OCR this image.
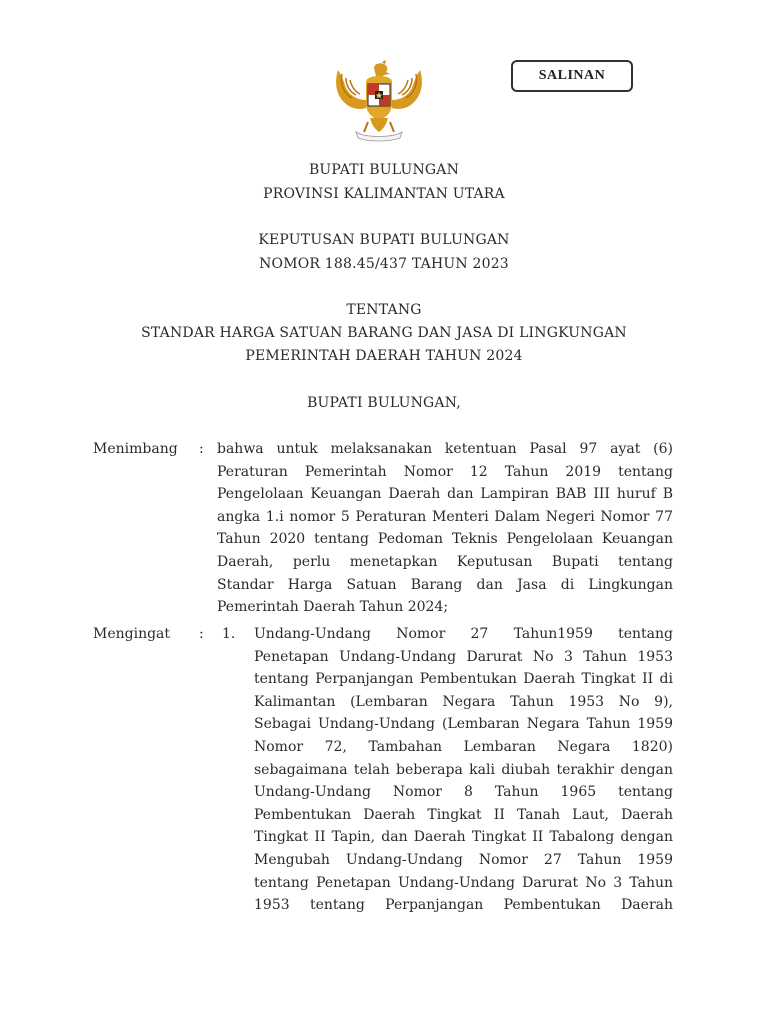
SALINAN
BUPATI BULUNGAN
PROVINSI KALIMANTAN UTARA
KEPUTUSAN BUPATI BULUNGAN
NOMOR 188.45/437 TAHUN 2023
TENTANG
STANDAR HARGA SATUAN BARANG DAN JASA DI LINGKUNGAN
PEMERINTAH DAERAH TAHUN 2024
BUPATI BULUNGAN,
Menimbang : bahwa untuk melaksanakan ketentuan Pasal 97 ayat (6)
Peraturan Pemerintah Nomor 12 Tahun 2019 tentang
Pengelolaan Keuangan Daerah dan Lampiran BAB III huruf B
angka 1.i nomor 5 Peraturan Menteri Dalam Negeri Nomor 77
Tahun 2020 tentang Pedoman Teknis Pengelolaan Keuangan
Daerah, perlu menetapkan Keputusan Bupati tentang
Standar Harga Satuan Barang dan Jasa di Lingkungan
Pemerintah Daerah Tahun 2024;
Mengingat : 1. Undang-Undang Nomor 27 Tahun1959 tentang
Penetapan Undang-Undang Darurat No 3 Tahun 1953
tentang Perpanjangan Pembentukan Daerah Tingkat II di
Kalimantan (Lembaran Negara Tahun 1953 No 9),
Sebagai Undang-Undang (Lembaran Negara Tahun 1959
Nomor 72, Tambahan Lembaran Negara 1820)
sebagaimana telah beberapa kali diubah terakhir dengan
Undang-Undang Nomor 8 Tahun 1965 tentang
Pembentukan Daerah Tingkat II Tanah Laut, Daerah
Tingkat II Tapin, dan Daerah Tingkat II Tabalong dengan
Mengubah Undang-Undang Nomor 27 Tahun 1959
tentang Penetapan Undang-Undang Darurat No 3 Tahun
1953 tentang Perpanjangan Pembentukan Daerah
